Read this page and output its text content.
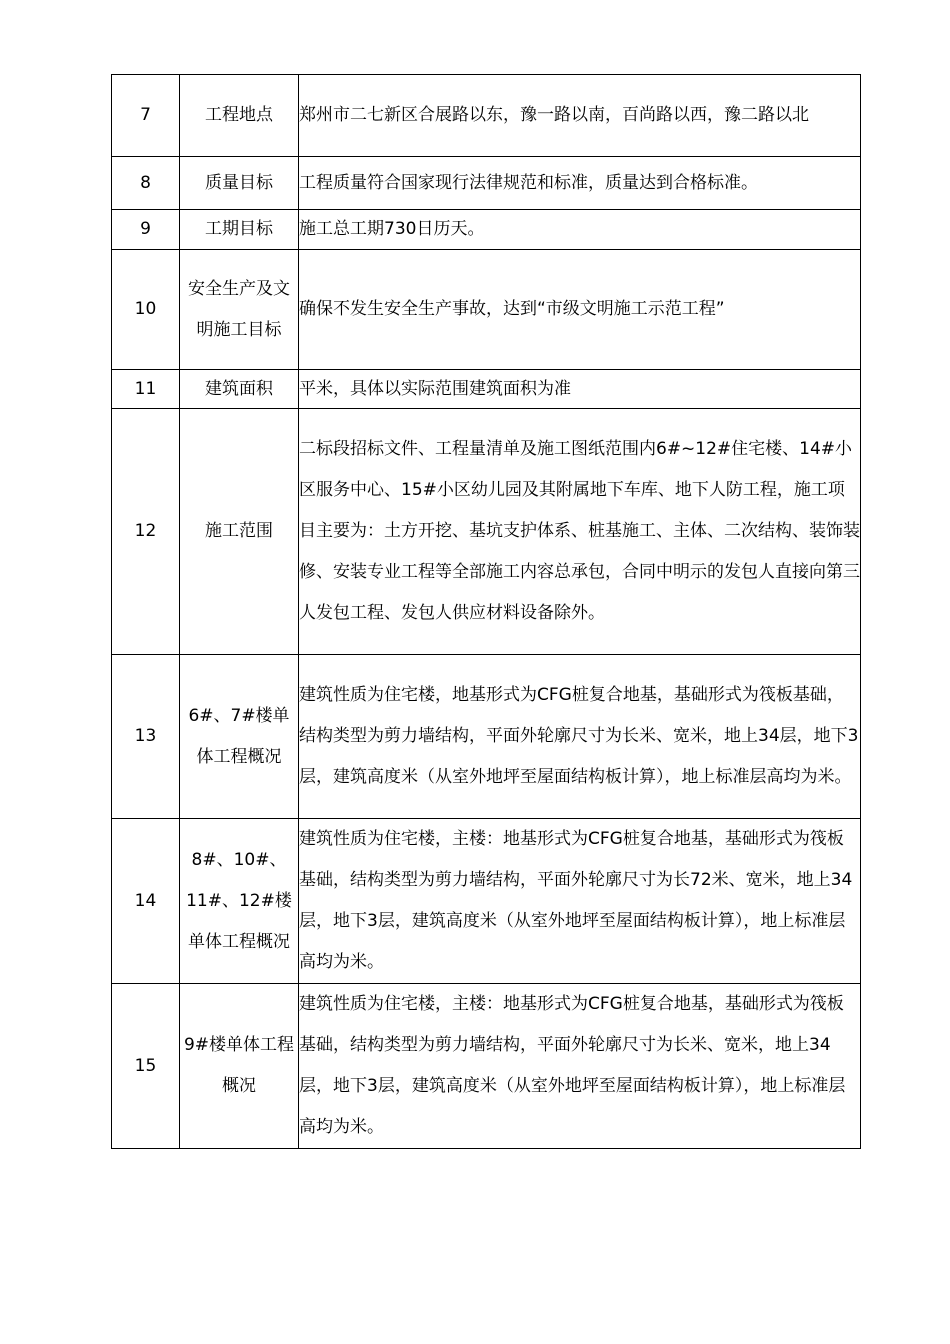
7	工程地点	郑州市二七新区合展路以东，豫一路以南，百尚路以西，豫二路以北
8	质量目标	工程质量符合国家现行法律规范和标准，质量达到合格标准。
9	工期目标	施工总工期730日历天。
10	安全生产及文明施工目标	确保不发生安全生产事故，达到“市级文明施工示范工程”
11	建筑面积	平米，具体以实际范围建筑面积为准
12	施工范围	二标段招标文件、工程量清单及施工图纸范围内6#~12#住宅楼、14#小区服务中心、15#小区幼儿园及其附属地下车库、地下人防工程，施工项目主要为：土方开挖、基坑支护体系、桩基施工、主体、二次结构、装饰装修、安装专业工程等全部施工内容总承包，合同中明示的发包人直接向第三人发包工程、发包人供应材料设备除外。
13	6#、7#楼单体工程概况	建筑性质为住宅楼，地基形式为CFG桩复合地基，基础形式为筏板基础，结构类型为剪力墙结构，平面外轮廓尺寸为长米、宽米，地上34层，地下3层，建筑高度米（从室外地坪至屋面结构板计算），地上标准层高均为米。
14	8#、10#、11#、12#楼单体工程概况	建筑性质为住宅楼，主楼：地基形式为CFG桩复合地基，基础形式为筏板基础，结构类型为剪力墙结构，平面外轮廓尺寸为长72米、宽米，地上34层，地下3层，建筑高度米（从室外地坪至屋面结构板计算），地上标准层高均为米。
15	9#楼单体工程概况	建筑性质为住宅楼，主楼：地基形式为CFG桩复合地基，基础形式为筏板基础，结构类型为剪力墙结构，平面外轮廓尺寸为长米、宽米，地上34层，地下3层，建筑高度米（从室外地坪至屋面结构板计算），地上标准层高均为米。
